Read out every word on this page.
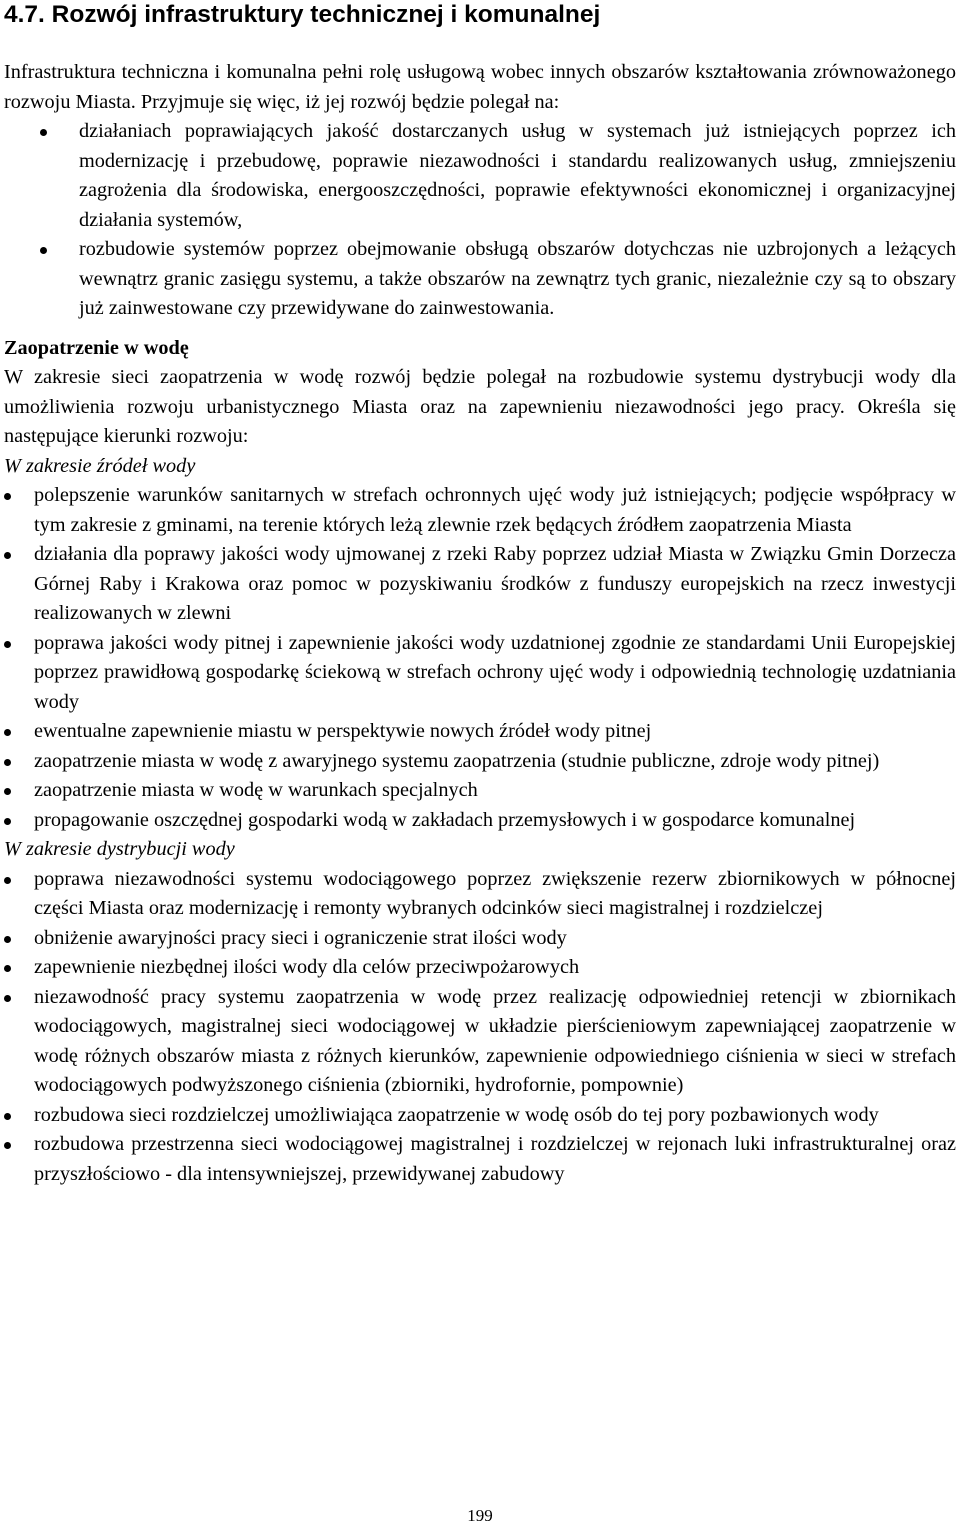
4.7. Rozwój infrastruktury technicznej i komunalnej

Infrastruktura techniczna i komunalna pełni rolę usługową wobec innych obszarów kształtowania zrównoważonego rozwoju Miasta. Przyjmuje się więc, iż jej rozwój będzie polegał na:

działaniach poprawiających jakość dostarczanych usług w systemach już istniejących poprzez ich modernizację i przebudowę, poprawie niezawodności i standardu realizowanych usług, zmniejszeniu zagrożenia dla środowiska, energooszczędności, poprawie efektywności ekonomicznej i organizacyjnej działania systemów,
rozbudowie systemów poprzez obejmowanie obsługą obszarów dotychczas nie uzbrojonych a leżących wewnątrz granic zasięgu systemu, a także obszarów na zewnątrz tych granic, niezależnie czy są to obszary już zainwestowane czy przewidywane do zainwestowania.
Zaopatrzenie w wodę

W zakresie sieci zaopatrzenia w wodę rozwój będzie polegał na rozbudowie systemu dystrybucji wody dla umożliwienia rozwoju urbanistycznego Miasta oraz na zapewnieniu niezawodności jego pracy. Określa się następujące kierunki rozwoju:

W zakresie źródeł wody
polepszenie warunków sanitarnych w strefach ochronnych ujęć wody już istniejących; podjęcie współpracy w tym zakresie z gminami, na terenie których leżą zlewnie rzek będących źródłem zaopatrzenia Miasta
działania dla poprawy jakości wody ujmowanej z rzeki Raby poprzez udział Miasta w Związku Gmin Dorzecza Górnej Raby i Krakowa oraz pomoc w pozyskiwaniu środków z funduszy europejskich na rzecz inwestycji realizowanych w zlewni
poprawa jakości wody pitnej i zapewnienie jakości wody uzdatnionej zgodnie ze standardami Unii Europejskiej poprzez prawidłową gospodarkę ściekową w strefach ochrony ujęć wody i odpowiednią technologię uzdatniania wody
ewentualne zapewnienie miastu w perspektywie nowych źródeł wody pitnej
zaopatrzenie miasta w wodę z awaryjnego systemu zaopatrzenia (studnie publiczne, zdroje wody pitnej)
zaopatrzenie miasta w wodę w warunkach specjalnych
propagowanie oszczędnej gospodarki wodą w zakładach przemysłowych i w gospodarce komunalnej
W zakresie dystrybucji wody
poprawa niezawodności systemu wodociągowego poprzez zwiększenie rezerw zbiornikowych w północnej części Miasta oraz modernizację i remonty wybranych odcinków sieci magistralnej i rozdzielczej
obniżenie awaryjności pracy sieci i ograniczenie strat ilości wody
zapewnienie niezbędnej ilości wody dla celów przeciwpożarowych
niezawodność pracy systemu zaopatrzenia w wodę przez realizację odpowiedniej retencji w zbiornikach wodociągowych, magistralnej sieci wodociągowej w układzie pierścieniowym zapewniającej zaopatrzenie w wodę różnych obszarów miasta z różnych kierunków, zapewnienie odpowiedniego ciśnienia w sieci w strefach wodociągowych podwyższonego ciśnienia (zbiorniki, hydrofornie, pompownie)
rozbudowa sieci rozdzielczej umożliwiająca zaopatrzenie w wodę osób do tej pory pozbawionych wody
rozbudowa przestrzenna sieci wodociągowej magistralnej i rozdzielczej w rejonach luki infrastrukturalnej oraz przyszłościowo - dla intensywniejszej, przewidywanej zabudowy
199
